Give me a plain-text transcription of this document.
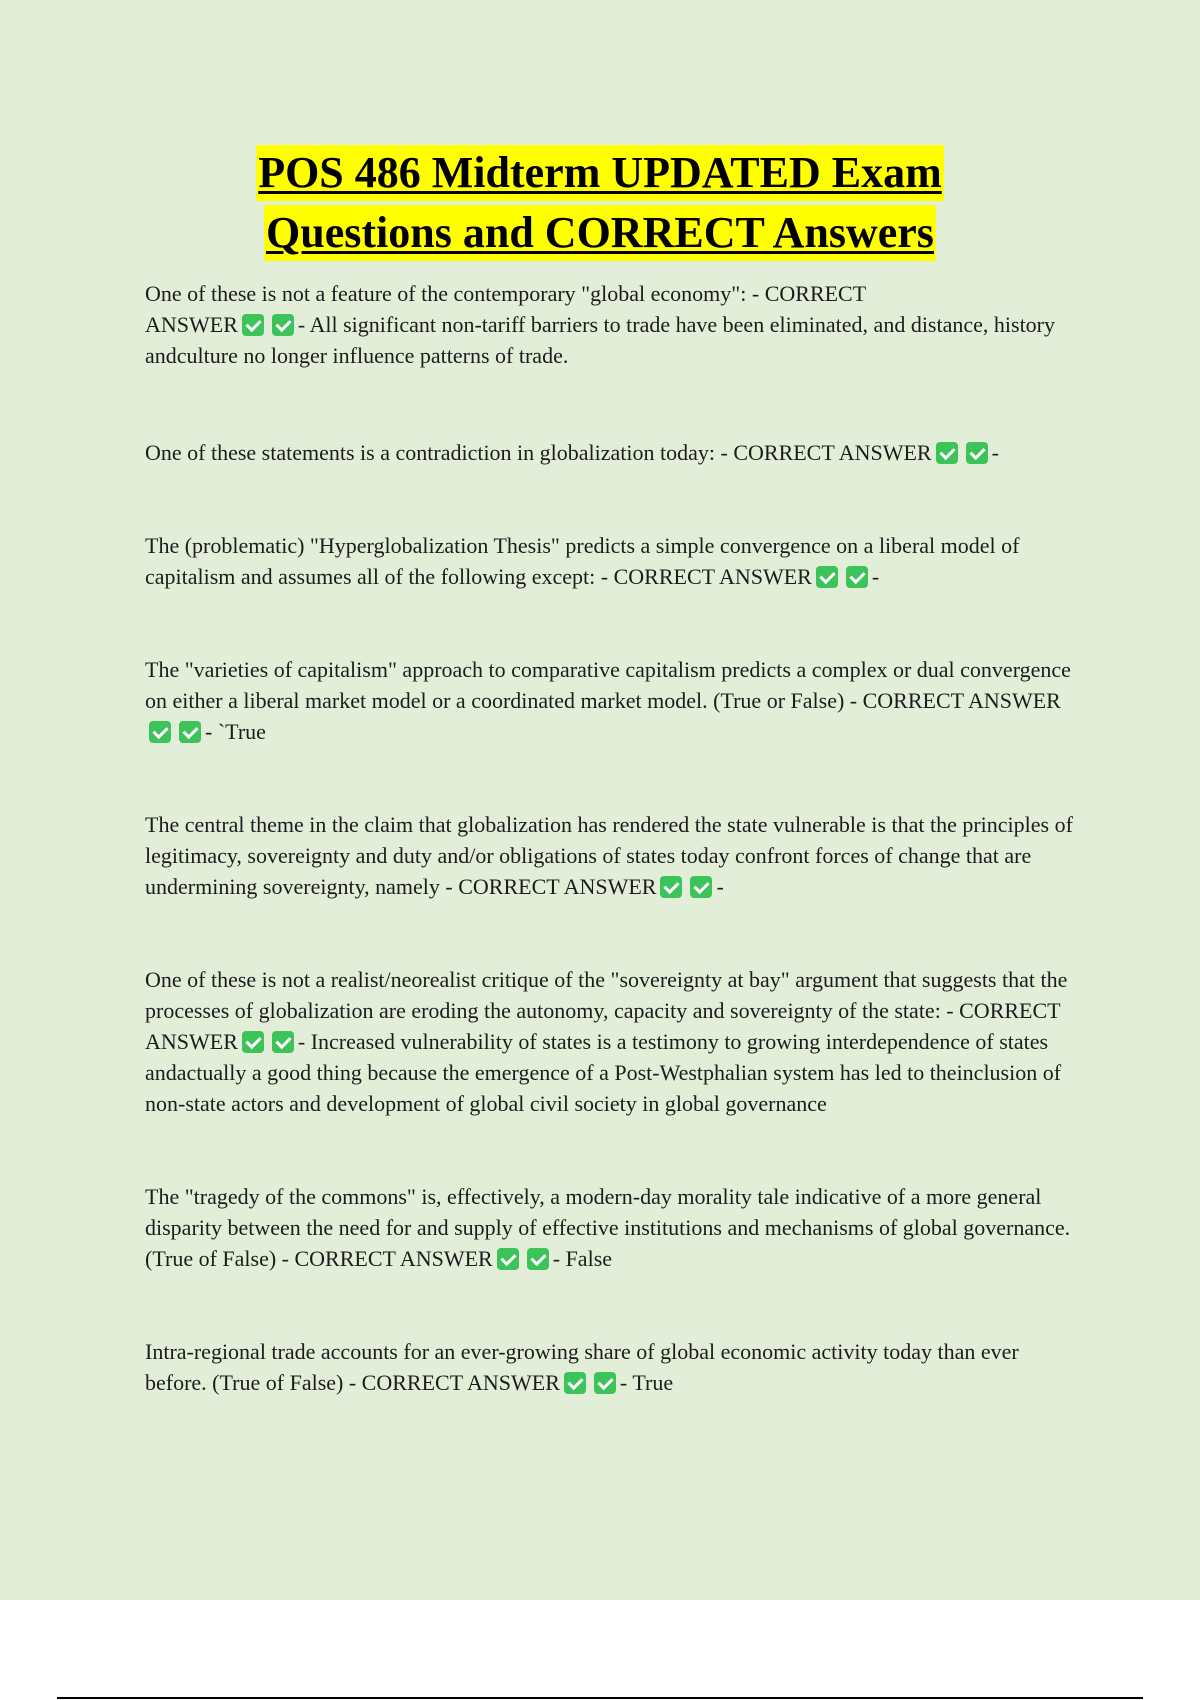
POS 486 Midterm UPDATED Exam
Questions and CORRECT Answers

One of these is not a feature of the contemporary "global economy": - CORRECT
ANSWER	- All significant non-tariff barriers to trade have been eliminated, and distance, history andculture no longer influence patterns of trade.

One of these statements is a contradiction in globalization today: - CORRECT ANSWER	-

The (problematic) "Hyperglobalization Thesis" predicts a simple convergence on a liberal model of capitalism and assumes all of the following except: - CORRECT ANSWER	-

The "varieties of capitalism" approach to comparative capitalism predicts a complex or dual convergence on either a liberal market model or a coordinated market model. (True or False) - CORRECT ANSWER- `True

The central theme in the claim that globalization has rendered the state vulnerable is that the principles of legitimacy, sovereignty and duty and/or obligations of states today confront forces of change that are undermining sovereignty, namely - CORRECT ANSWER	-

One of these is not a realist/neorealist critique of the "sovereignty at bay" argument that suggests that the processes of globalization are eroding the autonomy, capacity and sovereignty of the state: - CORRECT ANSWER	- Increased vulnerability of states is a testimony to growing interdependence of states andactually a good thing because the emergence of a Post-Westphalian system has led to theinclusion of non-state actors and development of global civil society in global governance

The "tragedy of the commons" is, effectively, a modern-day morality tale indicative of a more general disparity between the need for and supply of effective institutions and mechanisms of global governance. (True of False) - CORRECT ANSWER	- False

Intra-regional trade accounts for an ever-growing share of global economic activity today than ever before. (True of False) - CORRECT ANSWER	- True
